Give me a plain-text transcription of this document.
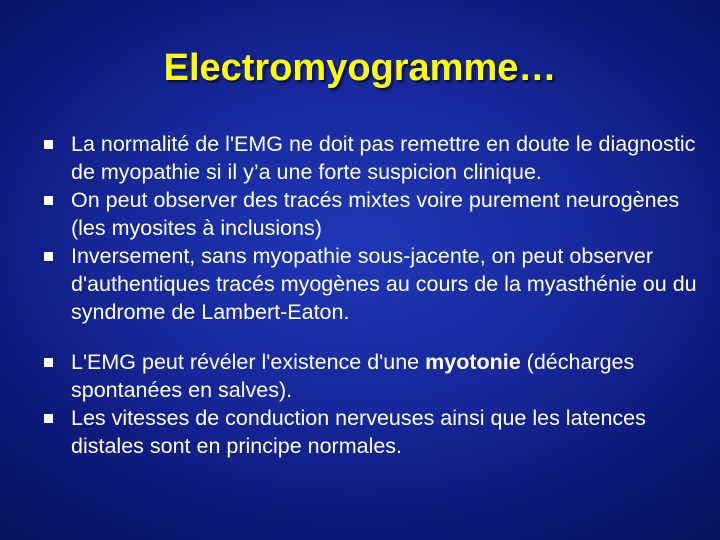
Electromyogramme…
La normalité de l'EMG ne doit pas remettre en doute le diagnostic de myopathie si il y’a une forte suspicion clinique.
On peut observer des tracés mixtes voire purement neurogènes (les myosites à inclusions)
Inversement, sans myopathie sous-jacente, on peut observer d'authentiques tracés myogènes au cours de la myasthénie ou du syndrome de Lambert-Eaton.
L'EMG peut révéler l'existence d'une myotonie (décharges spontanées en salves).
Les vitesses de conduction nerveuses ainsi que les latences distales sont en principe normales.
